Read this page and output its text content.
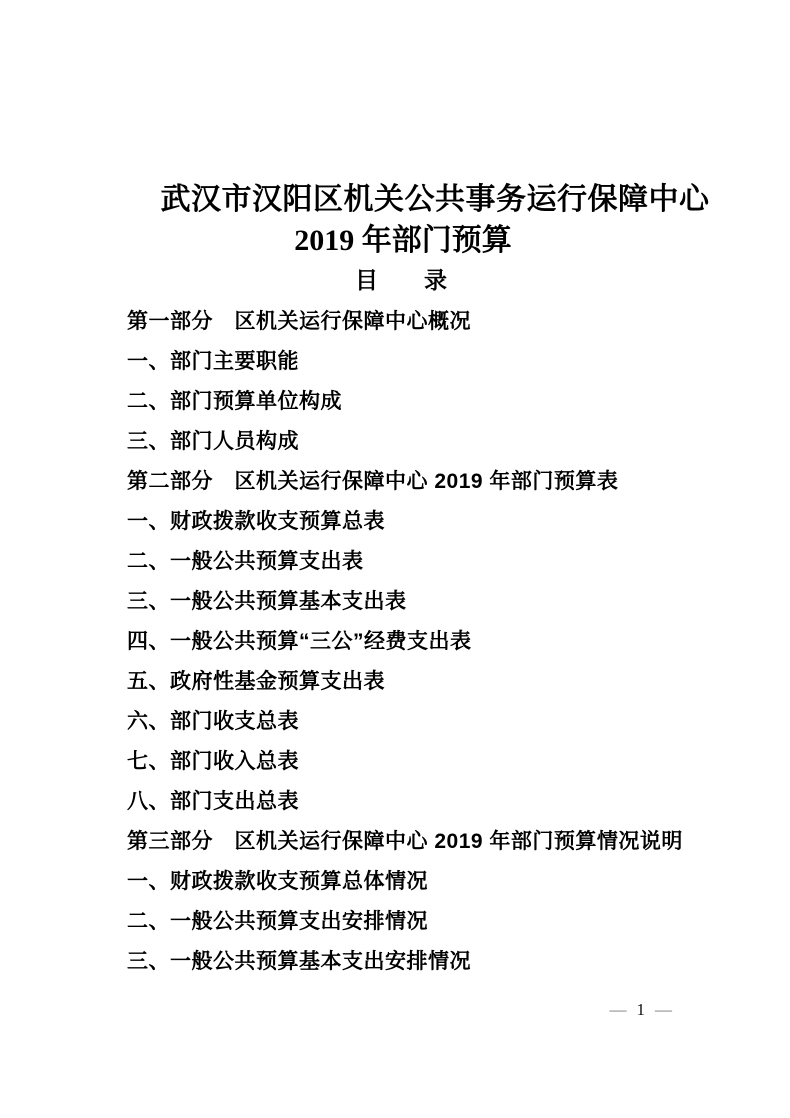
武汉市汉阳区机关公共事务运行保障中心
2019 年部门预算
目　　录
第一部分　区机关运行保障中心概况
一、部门主要职能
二、部门预算单位构成
三、部门人员构成
第二部分　区机关运行保障中心 2019 年部门预算表
一、财政拨款收支预算总表
二、一般公共预算支出表
三、一般公共预算基本支出表
四、一般公共预算“三公”经费支出表
五、政府性基金预算支出表
六、部门收支总表
七、部门收入总表
八、部门支出总表
第三部分　区机关运行保障中心 2019 年部门预算情况说明
一、财政拨款收支预算总体情况
二、一般公共预算支出安排情况
三、一般公共预算基本支出安排情况
— 1 —
